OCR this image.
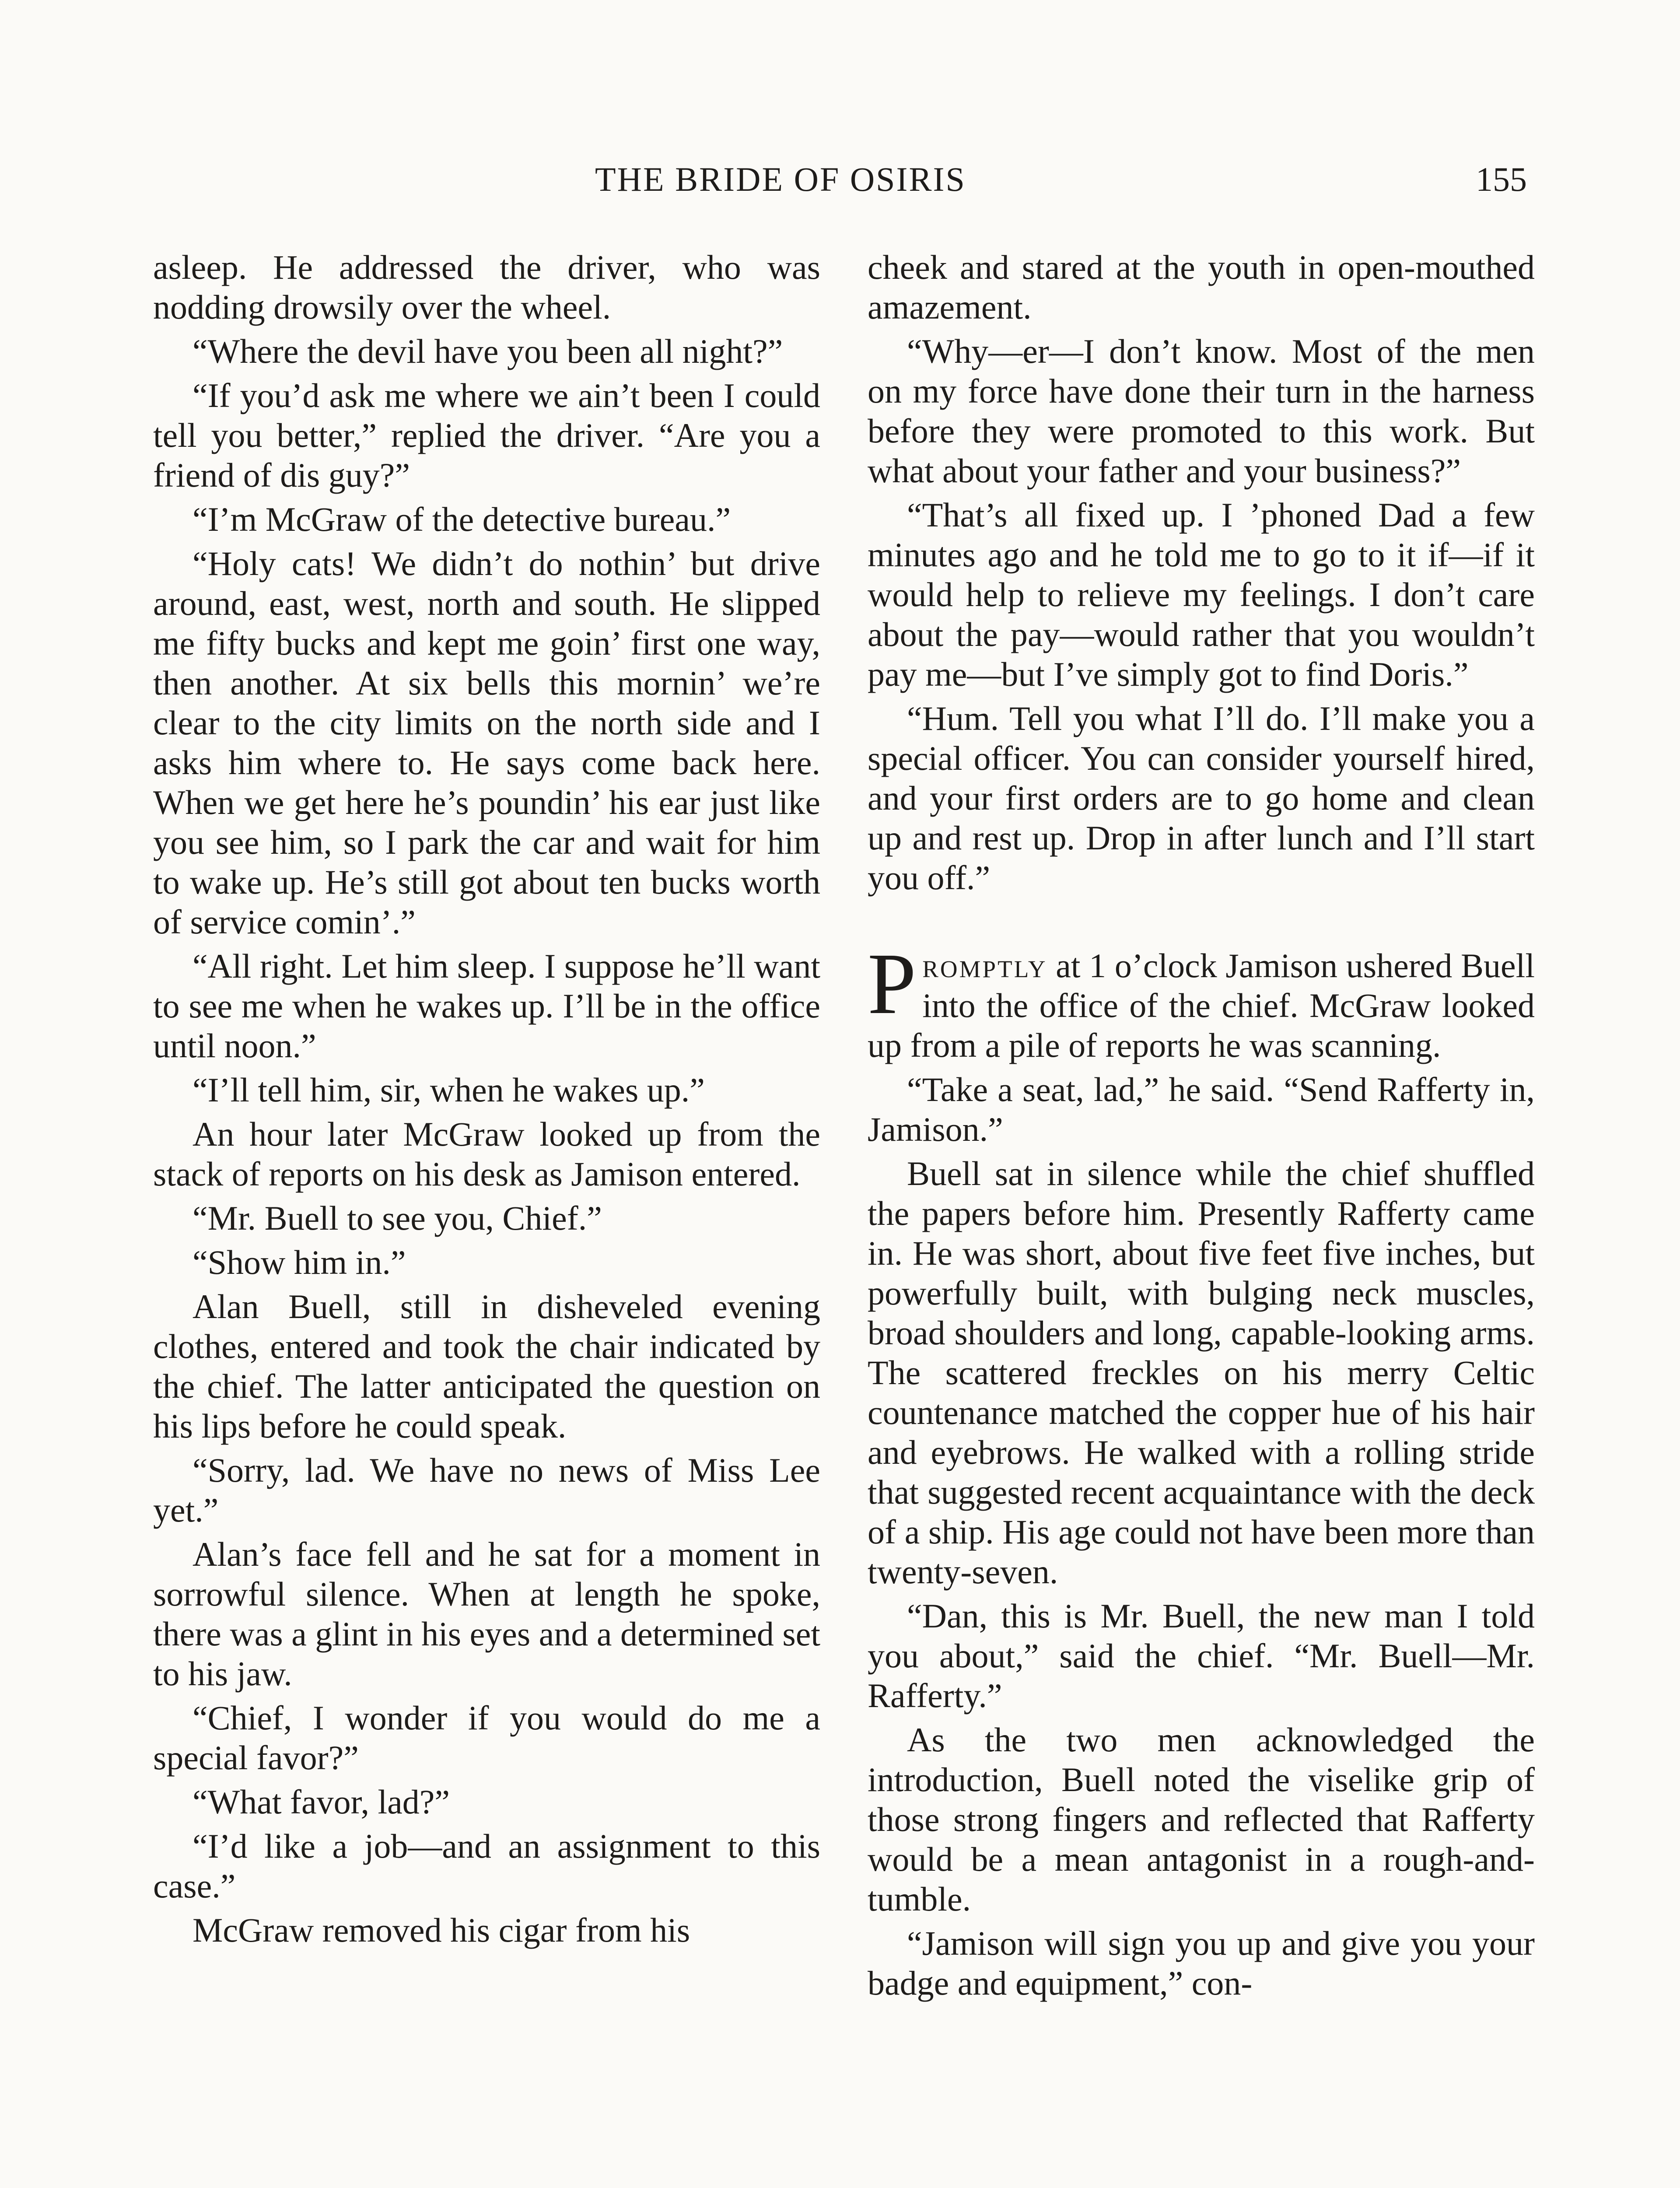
THE BRIDE OF OSIRIS	155

asleep. He addressed the driver, who was nodding drowsily over the wheel.

“Where the devil have you been all night?”

“If you’d ask me where we ain’t been I could tell you better,” replied the driver. “Are you a friend of dis guy?”

“I’m McGraw of the detective bureau.”

“Holy cats! We didn’t do nothin’ but drive around, east, west, north and south. He slipped me fifty bucks and kept me goin’ first one way, then another. At six bells this mornin’ we’re clear to the city limits on the north side and I asks him where to. He says come back here. When we get here he’s poundin’ his ear just like you see him, so I park the car and wait for him to wake up. He’s still got about ten bucks worth of service comin’.”

“All right. Let him sleep. I suppose he’ll want to see me when he wakes up. I’ll be in the office until noon.”

“I’ll tell him, sir, when he wakes up.”

An hour later McGraw looked up from the stack of reports on his desk as Jamison entered.

“Mr. Buell to see you, Chief.”

“Show him in.”

Alan Buell, still in disheveled evening clothes, entered and took the chair indicated by the chief. The latter anticipated the question on his lips before he could speak.

“Sorry, lad. We have no news of Miss Lee yet.”

Alan’s face fell and he sat for a moment in sorrowful silence. When at length he spoke, there was a glint in his eyes and a determined set to his jaw.

“Chief, I wonder if you would do me a special favor?”

“What favor, lad?”

“I’d like a job—and an assignment to this case.”

McGraw removed his cigar from his

cheek and stared at the youth in open-mouthed amazement.

“Why—er—I don’t know. Most of the men on my force have done their turn in the harness before they were promoted to this work. But what about your father and your business?”

“That’s all fixed up. I ’phoned Dad a few minutes ago and he told me to go to it if—if it would help to relieve my feelings. I don’t care about the pay—would rather that you wouldn’t pay me—but I’ve simply got to find Doris.”

“Hum. Tell you what I’ll do. I’ll make you a special officer. You can consider yourself hired, and your first orders are to go home and clean up and rest up. Drop in after lunch and I’ll start you off.”

Promptly at 1 o’clock Jamison ushered Buell into the office of the chief. McGraw looked up from a pile of reports he was scanning.

“Take a seat, lad,” he said. “Send Rafferty in, Jamison.”

Buell sat in silence while the chief shuffled the papers before him. Presently Rafferty came in. He was short, about five feet five inches, but powerfully built, with bulging neck muscles, broad shoulders and long, capable-looking arms. The scattered freckles on his merry Celtic countenance matched the copper hue of his hair and eyebrows. He walked with a rolling stride that suggested recent acquaintance with the deck of a ship. His age could not have been more than twenty-seven.

“Dan, this is Mr. Buell, the new man I told you about,” said the chief. “Mr. Buell—Mr. Rafferty.”

As the two men acknowledged the introduction, Buell noted the viselike grip of those strong fingers and reflected that Rafferty would be a mean antagonist in a rough-and-tumble.

“Jamison will sign you up and give you your badge and equipment,” con-
